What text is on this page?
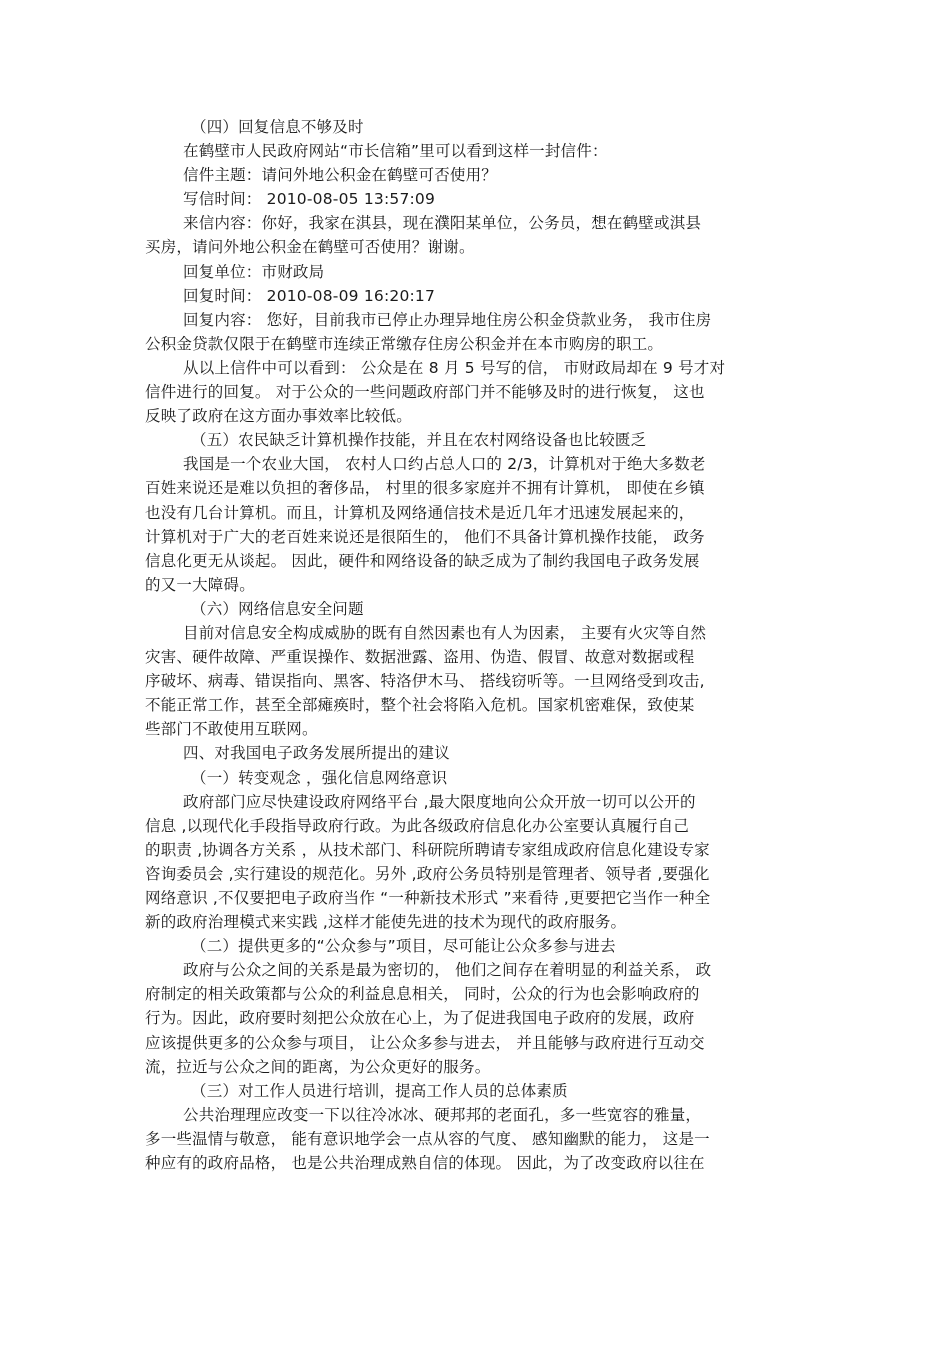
（四）回复信息不够及时
在鹤壁市人民政府网站“市长信箱”里可以看到这样一封信件：
信件主题：请问外地公积金在鹤壁可否使用？
写信时间： 2010-08-05 13:57:09
来信内容：你好，我家在淇县，现在濮阳某单位，公务员，想在鹤壁或淇县
买房，请问外地公积金在鹤壁可否使用？谢谢。
回复单位：市财政局
回复时间： 2010-08-09 16:20:17
回复内容： 您好，目前我市已停止办理异地住房公积金贷款业务， 我市住房
公积金贷款仅限于在鹤壁市连续正常缴存住房公积金并在本市购房的职工。
从以上信件中可以看到： 公众是在 8 月 5 号写的信， 市财政局却在 9 号才对
信件进行的回复。 对于公众的一些问题政府部门并不能够及时的进行恢复， 这也
反映了政府在这方面办事效率比较低。
（五）农民缺乏计算机操作技能，并且在农村网络设备也比较匮乏
我国是一个农业大国， 农村人口约占总人口的 2/3，计算机对于绝大多数老
百姓来说还是难以负担的奢侈品， 村里的很多家庭并不拥有计算机， 即使在乡镇
也没有几台计算机。而且，计算机及网络通信技术是近几年才迅速发展起来的，
计算机对于广大的老百姓来说还是很陌生的， 他们不具备计算机操作技能， 政务
信息化更无从谈起。 因此，硬件和网络设备的缺乏成为了制约我国电子政务发展
的又一大障碍。
（六）网络信息安全问题
目前对信息安全构成威胁的既有自然因素也有人为因素， 主要有火灾等自然
灾害、硬件故障、严重误操作、数据泄露、盗用、伪造、假冒、故意对数据或程
序破坏、病毒、错误指向、黑客、特洛伊木马、 搭线窃听等。一旦网络受到攻击,
不能正常工作，甚至全部瘫痪时，整个社会将陷入危机。国家机密难保，致使某
些部门不敢使用互联网。
四、对我国电子政务发展所提出的建议
（一）转变观念 ，强化信息网络意识
政府部门应尽快建设政府网络平台 ,最大限度地向公众开放一切可以公开的
信息 ,以现代化手段指导政府行政。为此各级政府信息化办公室要认真履行自己
的职责 ,协调各方关系 ，从技术部门、科研院所聘请专家组成政府信息化建设专家
咨询委员会 ,实行建设的规范化。另外 ,政府公务员特别是管理者、领导者 ,要强化
网络意识 ,不仅要把电子政府当作 “一种新技术形式 ”来看待 ,更要把它当作一种全
新的政府治理模式来实践 ,这样才能使先进的技术为现代的政府服务。
（二）提供更多的“公众参与”项目，尽可能让公众多参与进去
政府与公众之间的关系是最为密切的， 他们之间存在着明显的利益关系， 政
府制定的相关政策都与公众的利益息息相关， 同时，公众的行为也会影响政府的
行为。因此，政府要时刻把公众放在心上，为了促进我国电子政府的发展，政府
应该提供更多的公众参与项目， 让公众多参与进去， 并且能够与政府进行互动交
流，拉近与公众之间的距离，为公众更好的服务。
（三）对工作人员进行培训，提高工作人员的总体素质
公共治理理应改变一下以往冷冰冰、硬邦邦的老面孔，多一些宽容的雅量，
多一些温情与敬意， 能有意识地学会一点从容的气度、 感知幽默的能力， 这是一
种应有的政府品格， 也是公共治理成熟自信的体现。 因此，为了改变政府以往在
